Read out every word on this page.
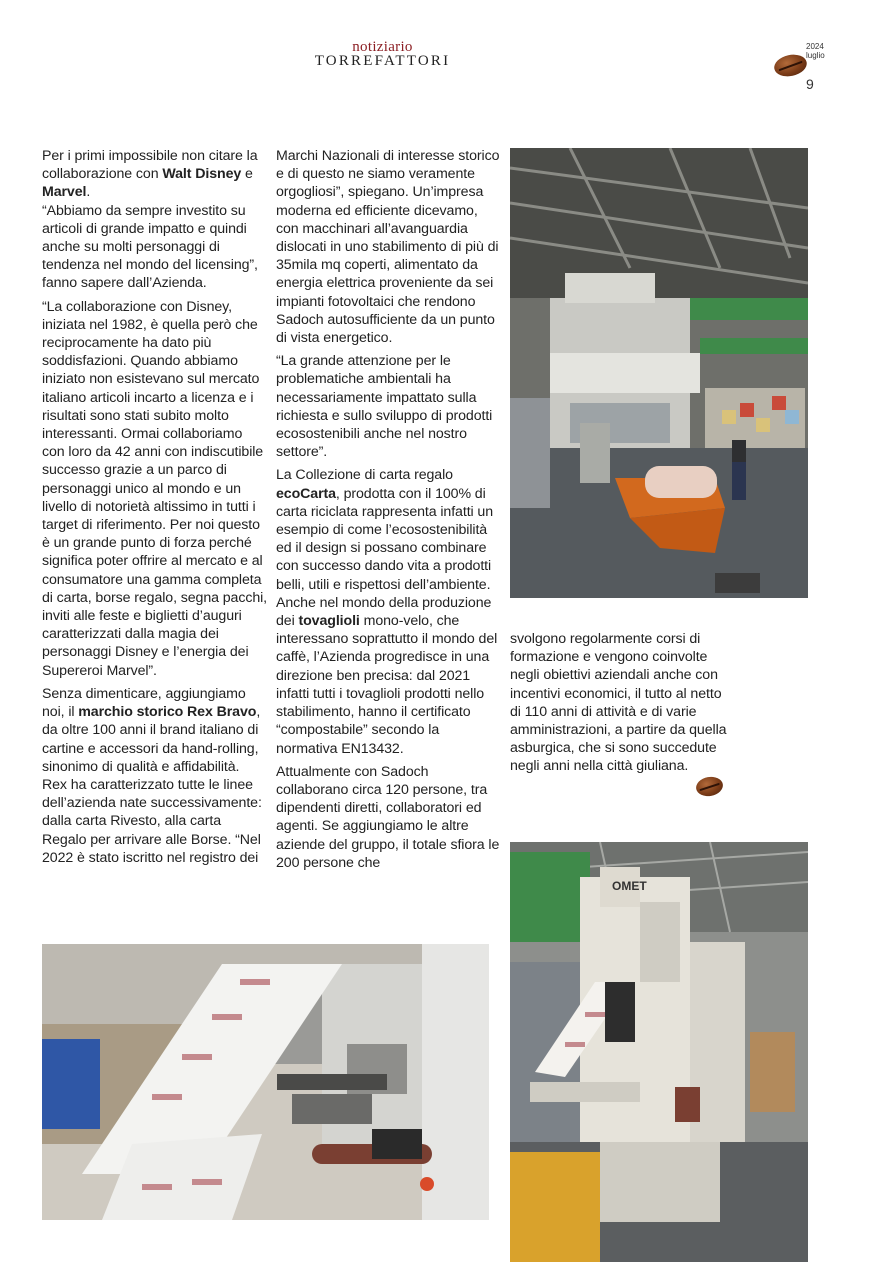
notiziario
TORREFATTORI
2024
luglio
9

Per i primi impossibile non citare la collaborazione con Walt Disney e Marvel.
“Abbiamo da sempre investito su articoli di grande impatto e quindi anche su molti personaggi di tendenza nel mondo del licensing”, fanno sapere dall’Azienda.

“La collaborazione con Disney, iniziata nel 1982, è quella però che reciprocamente ha dato più soddisfazioni. Quando abbiamo iniziato non esistevano sul mercato italiano articoli incarto a licenza e i risultati sono stati subito molto interessanti. Ormai collaboriamo con loro da 42 anni con indiscutibile successo grazie a un parco di personaggi unico al mondo e un livello di notorietà altissimo in tutti i target di riferimento. Per noi questo è un grande punto di forza perché significa poter offrire al mercato e al consumatore una gamma completa di carta, borse regalo, segna pacchi, inviti alle feste e biglietti d’auguri caratterizzati dalla magia dei personaggi Disney e l’energia dei Supereroi Marvel”.

Senza dimenticare, aggiungiamo noi, il marchio storico Rex Bravo, da oltre 100 anni il brand italiano di cartine e accessori da hand-rolling, sinonimo di qualità e affidabilità. Rex ha caratterizzato tutte le linee dell’azienda nate successivamente: dalla carta Rivesto, alla carta Regalo per arrivare alle Borse. “Nel 2022 è stato iscritto nel registro dei

Marchi Nazionali di interesse storico e di questo ne siamo veramente orgogliosi”, spiegano. Un’impresa moderna ed efficiente dicevamo, con macchinari all’avanguardia dislocati in uno stabilimento di più di 35mila mq coperti, alimentato da energia elettrica proveniente da sei impianti fotovoltaici che rendono Sadoch autosufficiente da un punto di vista energetico.

“La grande attenzione per le problematiche ambientali ha necessariamente impattato sulla richiesta e sullo sviluppo di prodotti ecosostenibili anche nel nostro settore”.

La Collezione di carta regalo ecoCarta, prodotta con il 100% di carta riciclata rappresenta infatti un esempio di come l’ecosostenibilità ed il design si possano combinare con successo dando vita a prodotti belli, utili e rispettosi dell’ambiente. Anche nel mondo della produzione dei tovaglioli mono-velo, che interessano soprattutto il mondo del caffè, l’Azienda progredisce in una direzione ben precisa: dal 2021 infatti tutti i tovaglioli prodotti nello stabilimento, hanno il certificato “compostabile” secondo la normativa EN13432.

Attualmente con Sadoch collaborano circa 120 persone, tra dipendenti diretti, collaboratori ed agenti. Se aggiungiamo le altre aziende del gruppo, il totale sfiora le 200 persone che

svolgono regolarmente corsi di formazione e vengono coinvolte negli obiettivi aziendali anche con incentivi economici, il tutto al netto di 110 anni di attività e di varie amministrazioni, a partire da quella asburgica, che si sono succedute negli anni nella città giuliana.

OMET
